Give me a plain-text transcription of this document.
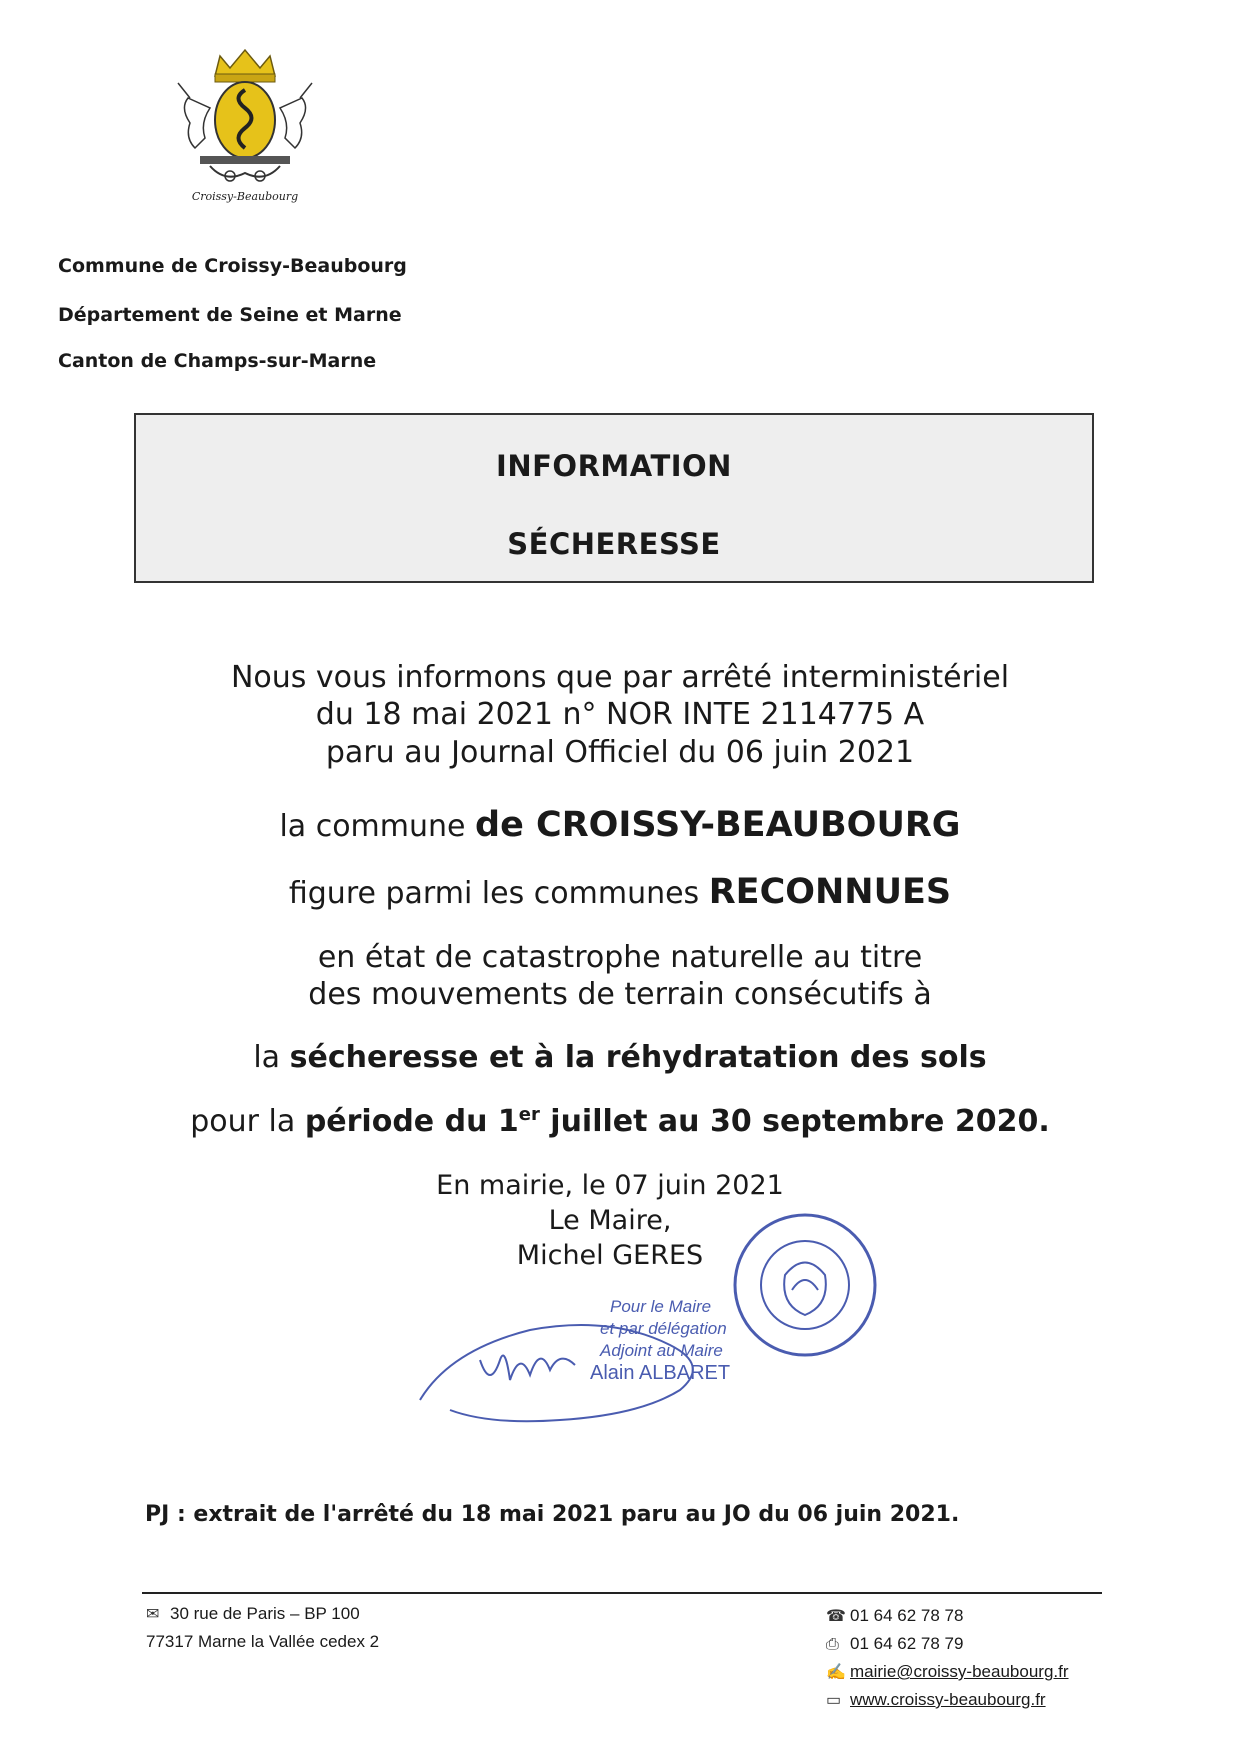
Croissy-Beaubourg
Commune de Croissy-Beaubourg
Département de Seine et Marne
Canton de Champs-sur-Marne
INFORMATION
SÉCHERESSE
Nous vous informons que par arrêté interministériel
du 18 mai 2021 n° NOR INTE 2114775 A
paru au Journal Officiel du 06 juin 2021
la commune de CROISSY-BEAUBOURG
figure parmi les communes RECONNUES
en état de catastrophe naturelle au titre
des mouvements de terrain consécutifs à
la sécheresse et à la réhydratation des sols
pour la période du 1er juillet au 30 septembre 2020.
En mairie, le 07 juin 2021
Le Maire,
Michel GERES
Pour le Maire
et par délégation
Adjoint au Maire
Alain ALBARET
PJ : extrait de l'arrêté du 18 mai 2021 paru au JO du 06 juin 2021.
✉ 30 rue de Paris – BP 100
77317 Marne la Vallée cedex 2
☎ 01 64 62 78 78
⎙ 01 64 62 78 79
✍ mairie@croissy-beaubourg.fr
▭ www.croissy-beaubourg.fr
